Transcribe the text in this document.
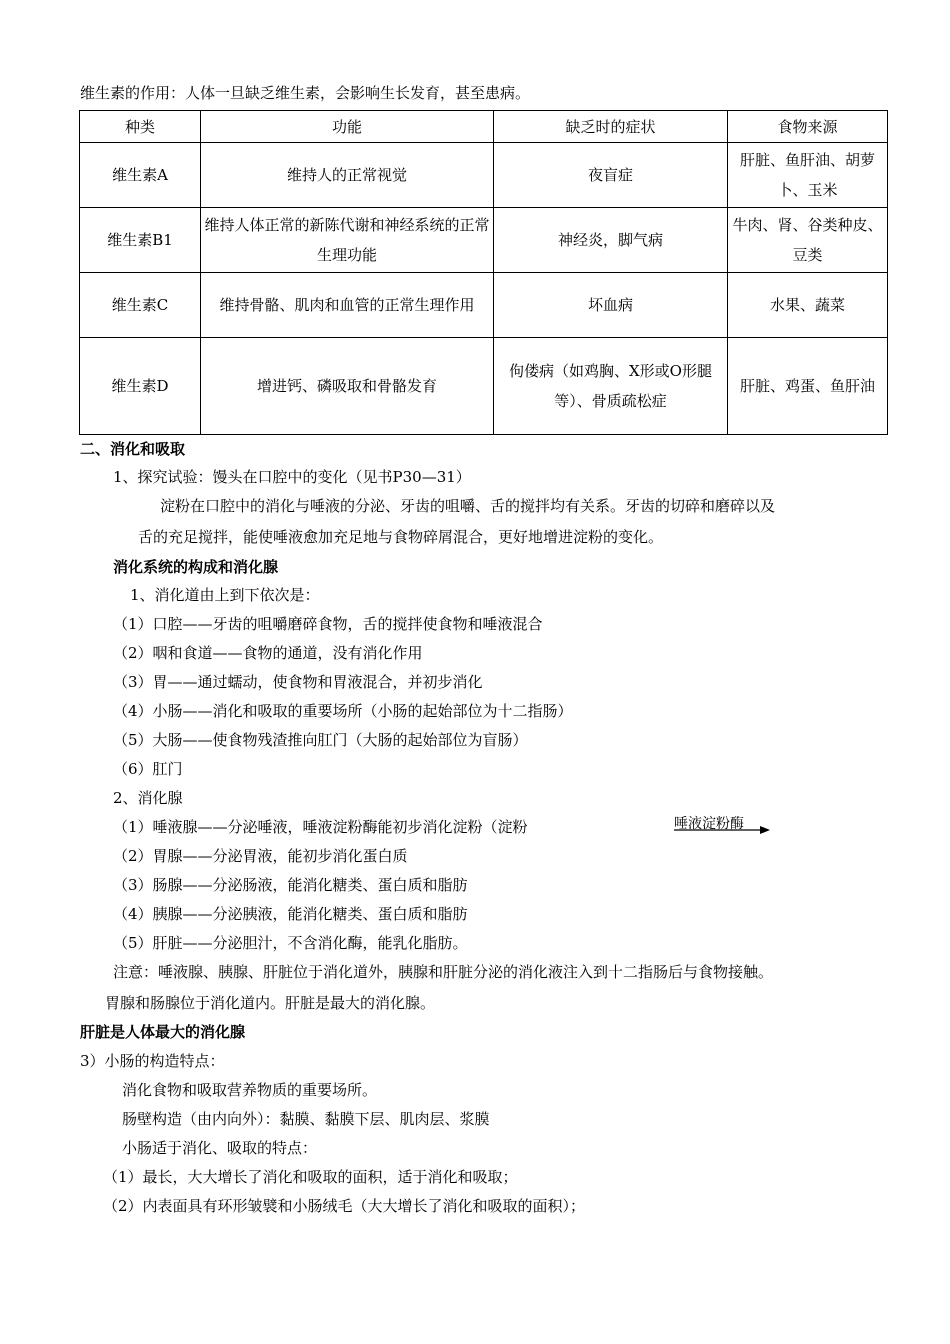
维生素的作用：人体一旦缺乏维生素，会影响生长发育，甚至患病。
种类	功能	缺乏时的症状	食物来源
维生素A	维持人的正常视觉	夜盲症	肝脏、鱼肝油、胡萝卜、玉米
维生素B1	维持人体正常的新陈代谢和神经系统的正常生理功能	神经炎，脚气病	牛肉、肾、谷类种皮、豆类
维生素C	维持骨骼、肌肉和血管的正常生理作用	坏血病	水果、蔬菜
维生素D	增进钙、磷吸取和骨骼发育	佝偻病（如鸡胸、X形或O形腿等）、骨质疏松症	肝脏、鸡蛋、鱼肝油
二、消化和吸取
1、探究试验：馒头在口腔中的变化（见书P30—31）
淀粉在口腔中的消化与唾液的分泌、牙齿的咀嚼、舌的搅拌均有关系。牙齿的切碎和磨碎以及
舌的充足搅拌，能使唾液愈加充足地与食物碎屑混合，更好地增进淀粉的变化。
消化系统的构成和消化腺
1、消化道由上到下依次是：
（1）口腔——牙齿的咀嚼磨碎食物，舌的搅拌使食物和唾液混合
（2）咽和食道——食物的通道，没有消化作用
（3）胃——通过蠕动，使食物和胃液混合，并初步消化
（4）小肠——消化和吸取的重要场所（小肠的起始部位为十二指肠）
（5）大肠——使食物残渣推向肛门（大肠的起始部位为盲肠）
（6）肛门
2、消化腺
（1）唾液腺——分泌唾液，唾液淀粉酶能初步消化淀粉（淀粉	唾液淀粉酶
（2）胃腺——分泌胃液，能初步消化蛋白质
（3）肠腺——分泌肠液，能消化糖类、蛋白质和脂肪
（4）胰腺——分泌胰液，能消化糖类、蛋白质和脂肪
（5）肝脏——分泌胆汁，不含消化酶，能乳化脂肪。
注意：唾液腺、胰腺、肝脏位于消化道外，胰腺和肝脏分泌的消化液注入到十二指肠后与食物接触。
胃腺和肠腺位于消化道内。肝脏是最大的消化腺。
肝脏是人体最大的消化腺
3）小肠的构造特点：
消化食物和吸取营养物质的重要场所。
肠壁构造（由内向外）：黏膜、黏膜下层、肌肉层、浆膜
小肠适于消化、吸取的特点：
（1）最长，大大增长了消化和吸取的面积，适于消化和吸取；
（2）内表面具有环形皱襞和小肠绒毛（大大增长了消化和吸取的面积）；
